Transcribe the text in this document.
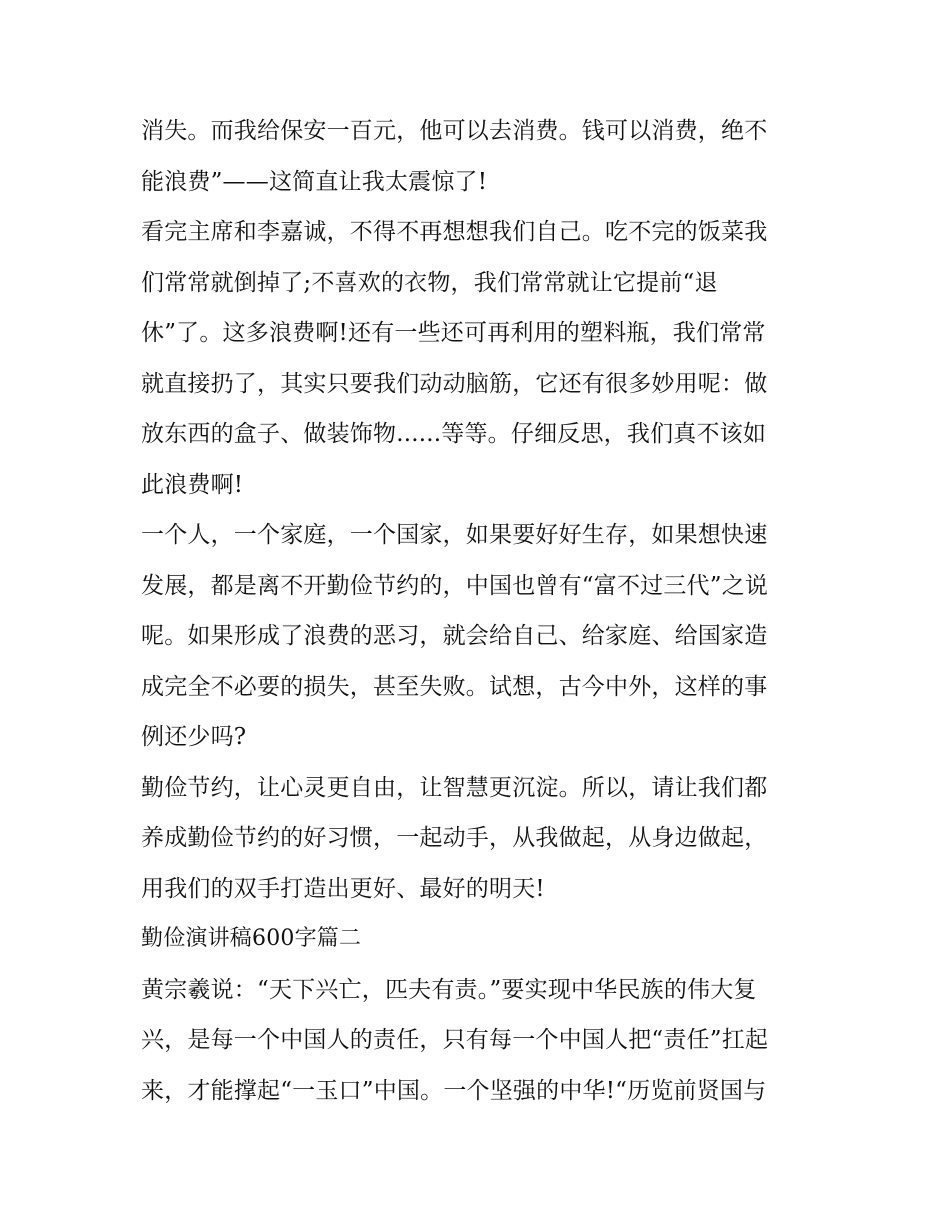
消失。而我给保安一百元，他可以去消费。钱可以消费，绝不
能浪费”——这简直让我太震惊了!
看完主席和李嘉诚，不得不再想想我们自己。吃不完的饭菜我
们常常就倒掉了;不喜欢的衣物，我们常常就让它提前“退
休”了。这多浪费啊!还有一些还可再利用的塑料瓶，我们常常
就直接扔了，其实只要我们动动脑筋，它还有很多妙用呢：做
放东西的盒子、做装饰物......等等。仔细反思，我们真不该如
此浪费啊!
一个人，一个家庭，一个国家，如果要好好生存，如果想快速
发展，都是离不开勤俭节约的，中国也曾有“富不过三代”之说
呢。如果形成了浪费的恶习，就会给自己、给家庭、给国家造
成完全不必要的损失，甚至失败。试想，古今中外，这样的事
例还少吗?
勤俭节约，让心灵更自由，让智慧更沉淀。所以，请让我们都
养成勤俭节约的好习惯，一起动手，从我做起，从身边做起，
用我们的双手打造出更好、最好的明天!
勤俭演讲稿600字篇二
黄宗羲说：“天下兴亡，匹夫有责。”要实现中华民族的伟大复
兴，是每一个中国人的责任，只有每一个中国人把“责任”扛起
来，才能撑起“一玉口”中国。一个坚强的中华!“历览前贤国与
